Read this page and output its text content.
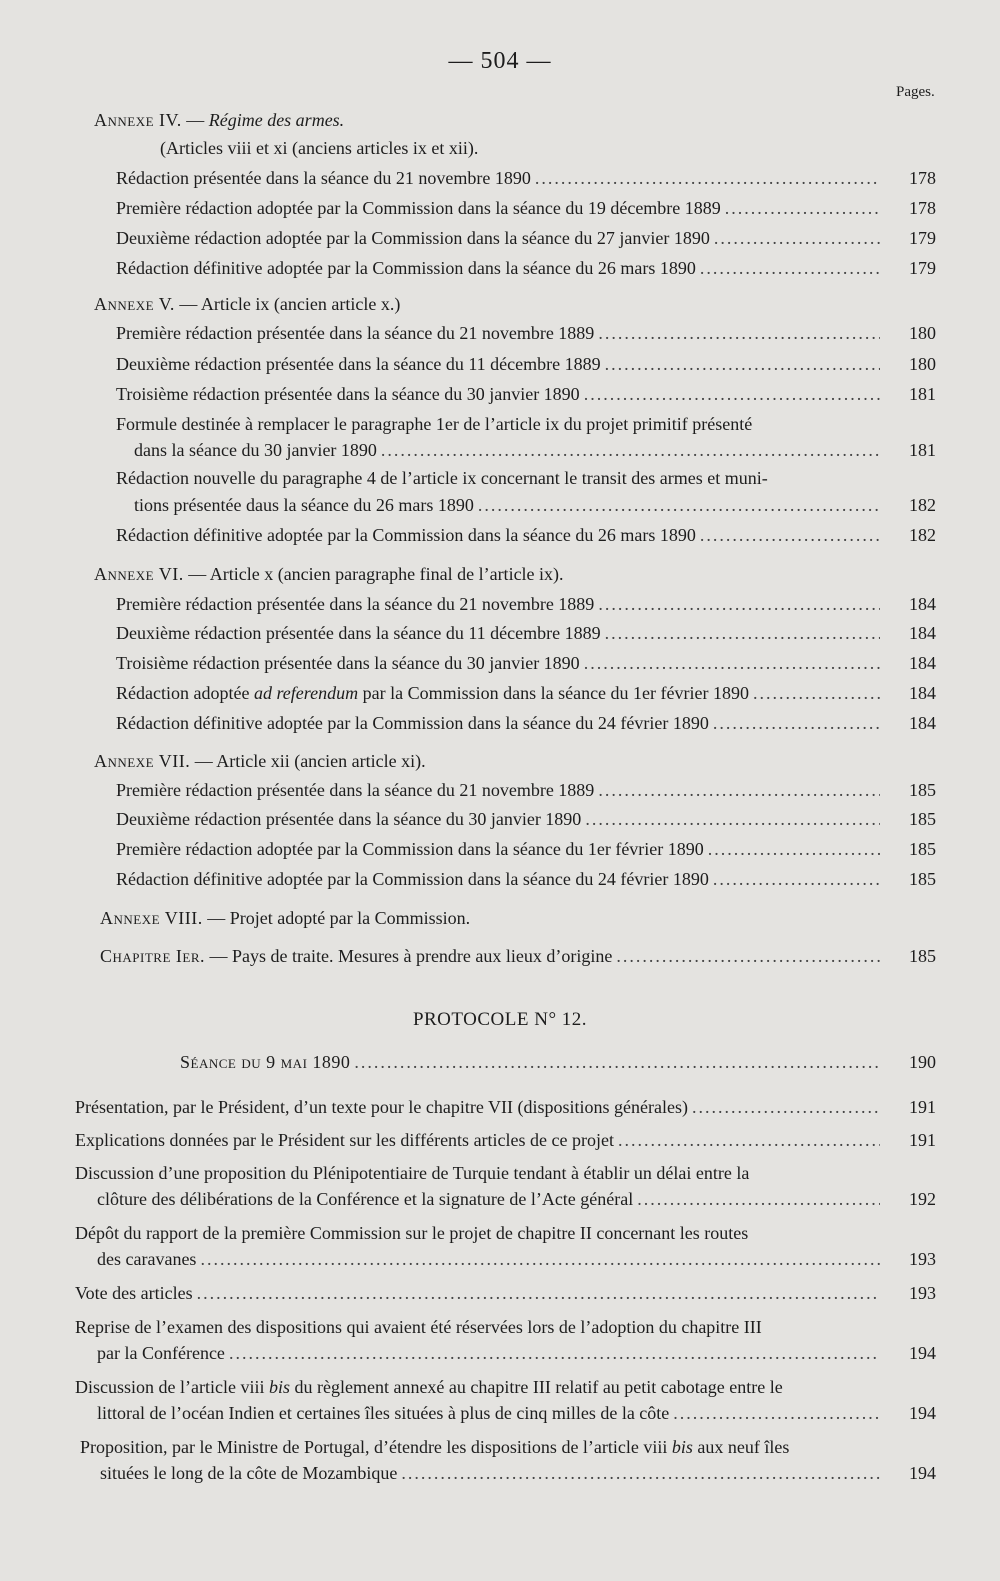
— 504 —
Pages.
Annexe IV. — Régime des armes.
(Articles viii et xi (anciens articles ix et xii).
Rédaction présentée dans la séance du 21 novembre 1890 .....	178
Première rédaction adoptée par la Commission dans la séance du 19 décembre 1889 .....	178
Deuxième rédaction adoptée par la Commission dans la séance du 27 janvier 1890 .....	179
Rédaction définitive adoptée par la Commission dans la séance du 26 mars 1890 .....	179
Annexe V. — Article ix (ancien article x.)
Première rédaction présentée dans la séance du 21 novembre 1889 .....	180
Deuxième rédaction présentée dans la séance du 11 décembre 1889 .....	180
Troisième rédaction présentée dans la séance du 30 janvier 1890 .....	181
Formule destinée à remplacer le paragraphe 1er de l’article ix du projet primitif présenté
dans la séance du 30 janvier 1890 .....	181
Rédaction nouvelle du paragraphe 4 de l’article ix concernant le transit des armes et muni-
tions présentée daus la séance du 26 mars 1890 .....	182
Rédaction définitive adoptée par la Commission dans la séance du 26 mars 1890 .....	182
Annexe VI. — Article x (ancien paragraphe final de l’article ix).
Première rédaction présentée dans la séance du 21 novembre 1889 .....	184
Deuxième rédaction présentée dans la séance du 11 décembre 1889 .....	184
Troisième rédaction présentée dans la séance du 30 janvier 1890 .....	184
Rédaction adoptée ad referendum par la Commission dans la séance du 1er février 1890 .....	184
Rédaction définitive adoptée par la Commission dans la séance du 24 février 1890 .....	184
Annexe VII. — Article xii (ancien article xi).
Première rédaction présentée dans la séance du 21 novembre 1889 .....	185
Deuxième rédaction présentée dans la séance du 30 janvier 1890 .....	185
Première rédaction adoptée par la Commission dans la séance du 1er février 1890 .....	185
Rédaction définitive adoptée par la Commission dans la séance du 24 février 1890 .....	185
Annexe VIII. — Projet adopté par la Commission.
Chapitre Ier. — Pays de traite. Mesures à prendre aux lieux d’origine .....	185
PROTOCOLE N° 12.
Séance du 9 mai 1890 .....	190
Présentation, par le Président, d’un texte pour le chapitre VII (dispositions générales) .....	191
Explications données par le Président sur les différents articles de ce projet .....	191
Discussion d’une proposition du Plénipotentiaire de Turquie tendant à établir un délai entre la
clôture des délibérations de la Conférence et la signature de l’Acte général .....	192
Dépôt du rapport de la première Commission sur le projet de chapitre II concernant les routes
des caravanes .....	193
Vote des articles .....	193
Reprise de l’examen des dispositions qui avaient été réservées lors de l’adoption du chapitre III
par la Conférence .....	194
Discussion de l’article viii bis du règlement annexé au chapitre III relatif au petit cabotage entre le
littoral de l’océan Indien et certaines îles situées à plus de cinq milles de la côte .....	194
Proposition, par le Ministre de Portugal, d’étendre les dispositions de l’article viii bis aux neuf îles
situées le long de la côte de Mozambique .....	194
